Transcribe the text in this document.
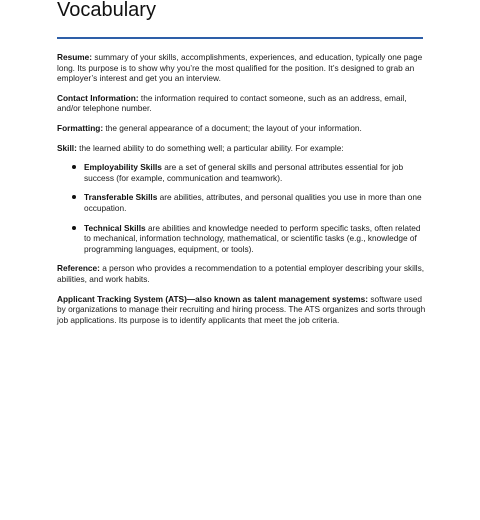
Vocabulary

Resume: summary of your skills, accomplishments, experiences, and education, typically one page long. Its purpose is to show why you’re the most qualified for the position. It’s designed to grab an employer’s interest and get you an interview.

Contact Information: the information required to contact someone, such as an address, email, and/or telephone number.

Formatting: the general appearance of a document; the layout of your information.

Skill: the learned ability to do something well; a particular ability. For example:

Employability Skills are a set of general skills and personal attributes essential for job success (for example, communication and teamwork).
Transferable Skills are abilities, attributes, and personal qualities you use in more than one occupation.
Technical Skills are abilities and knowledge needed to perform specific tasks, often related to mechanical, information technology, mathematical, or scientific tasks (e.g., knowledge of programming languages, equipment, or tools).

Reference: a person who provides a recommendation to a potential employer describing your skills, abilities, and work habits.

Applicant Tracking System (ATS)—also known as talent management systems: software used by organizations to manage their recruiting and hiring process. The ATS organizes and sorts through job applications. Its purpose is to identify applicants that meet the job criteria.
